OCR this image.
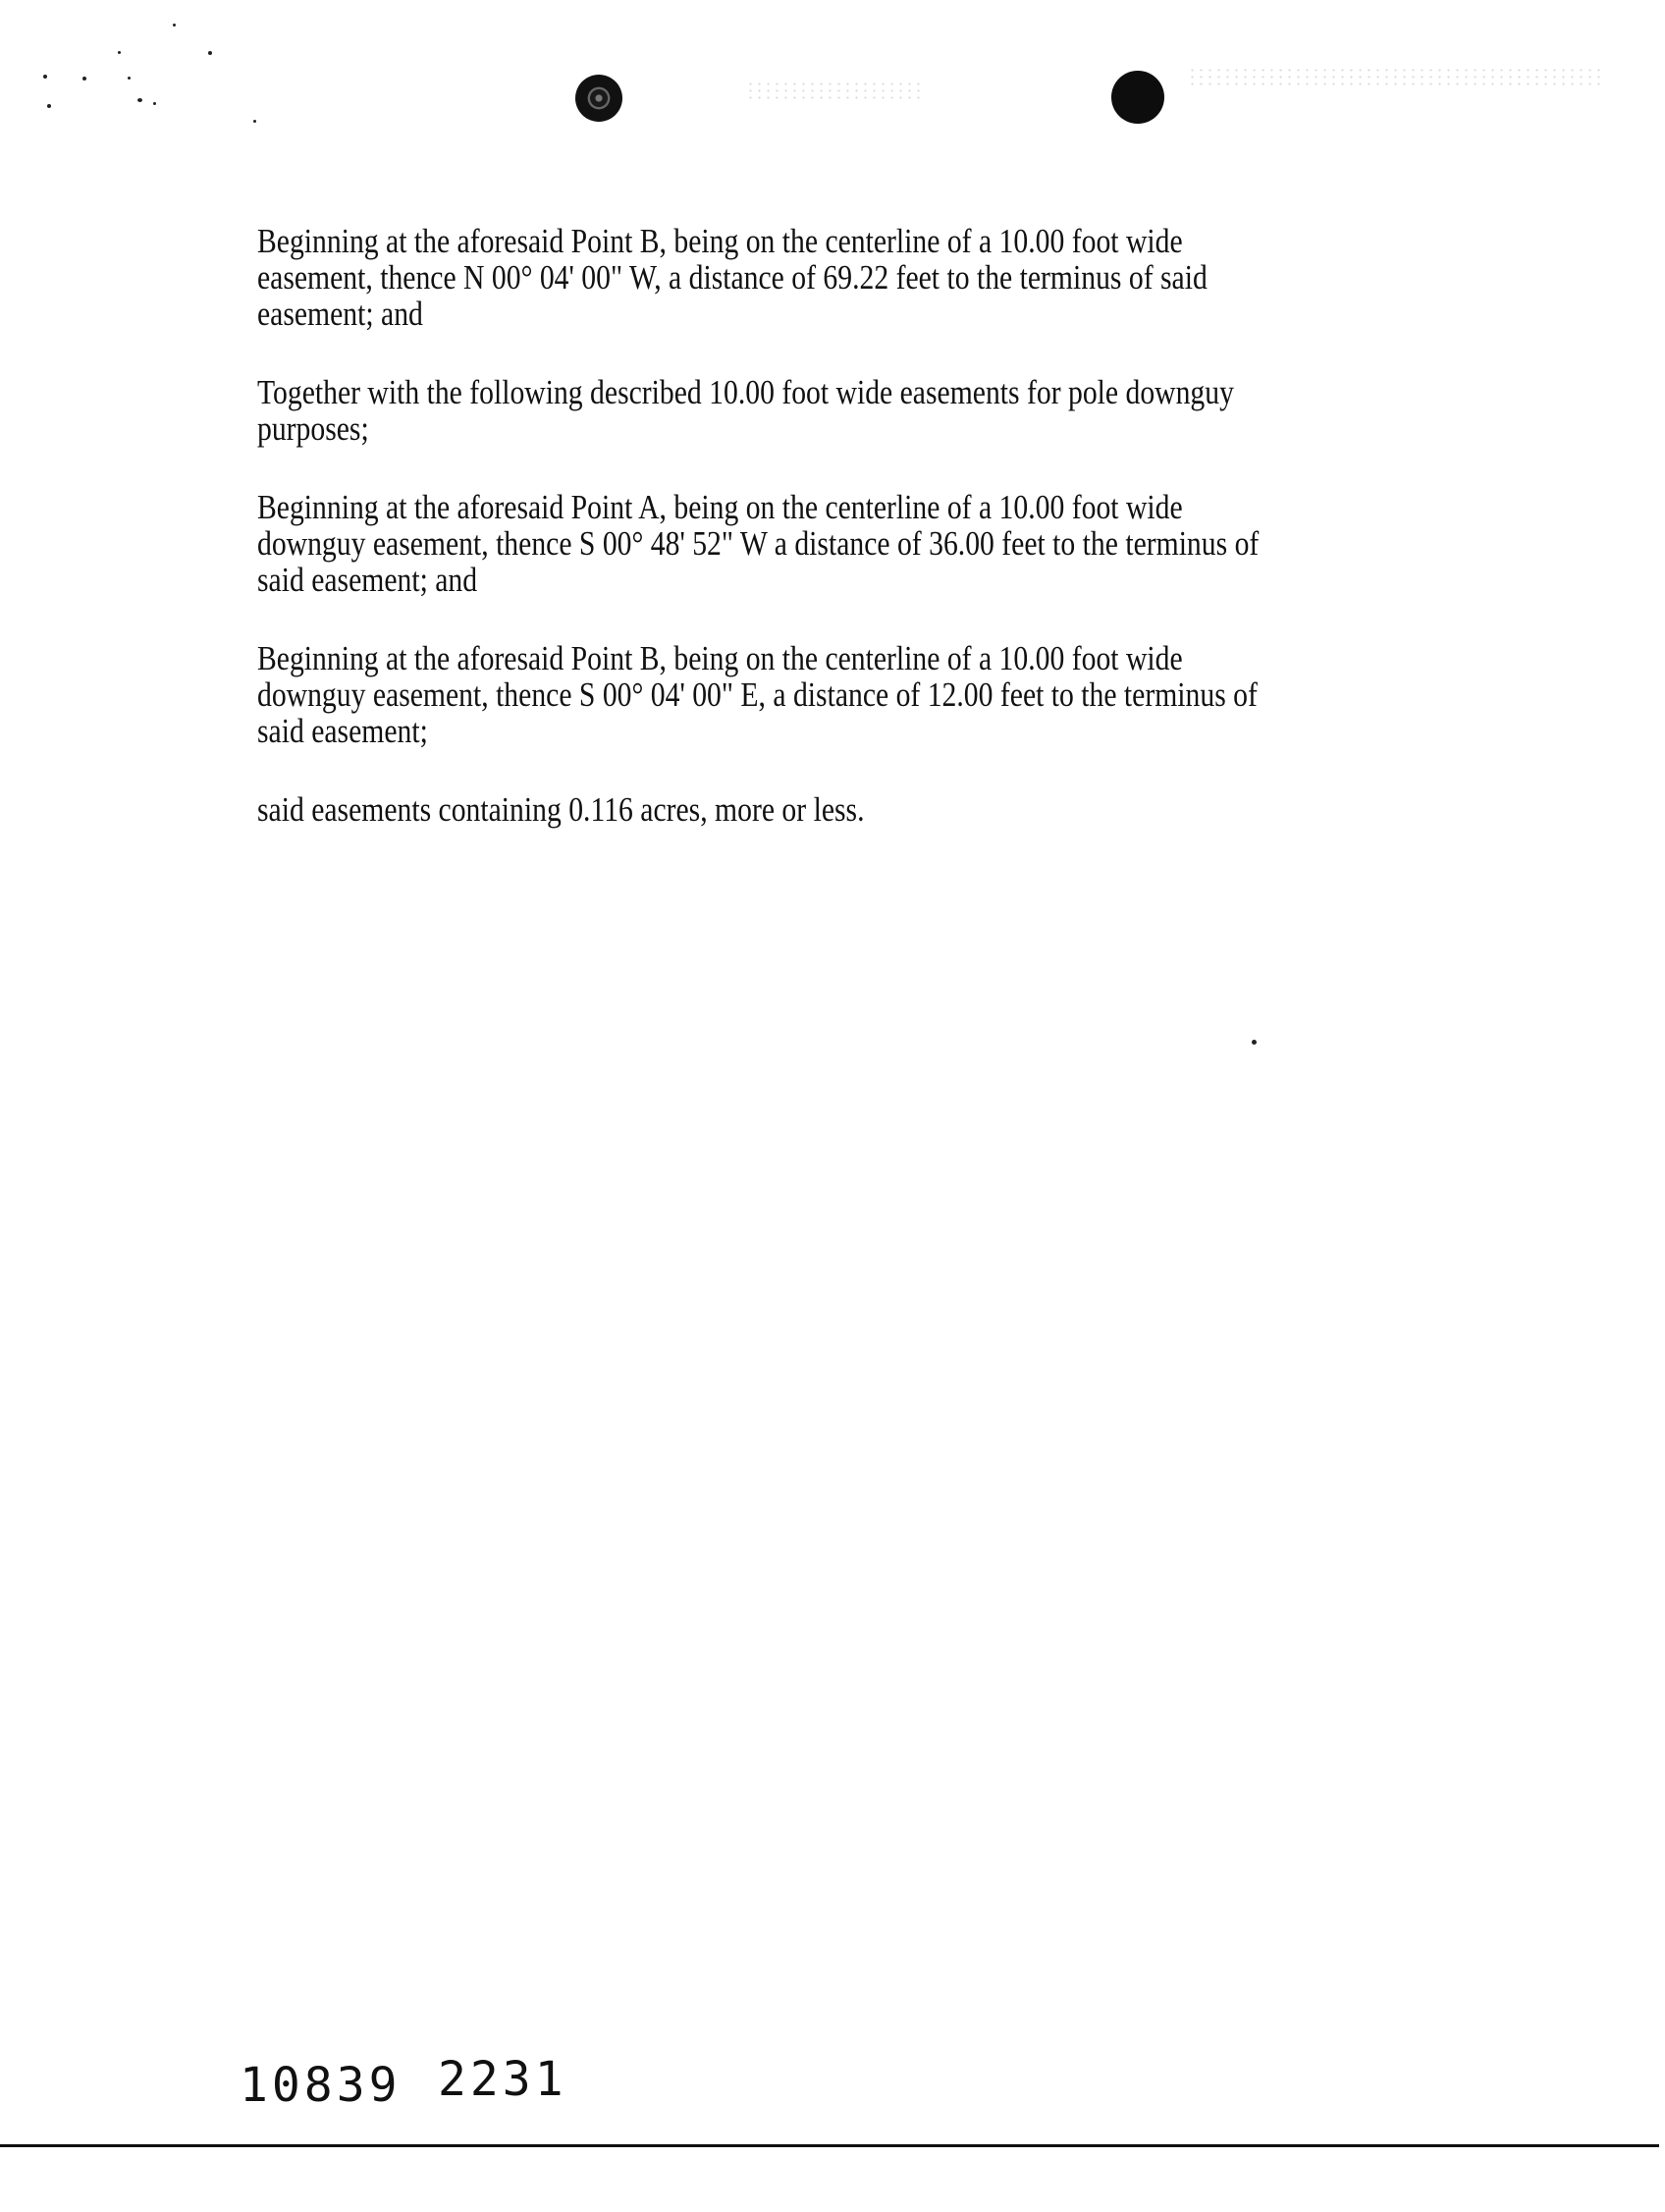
Beginning at the aforesaid Point B, being on the centerline of a 10.00 foot wide
easement, thence N 00° 04' 00" W, a distance of 69.22 feet to the terminus of said
easement; and

Together with the following described 10.00 foot wide easements for pole downguy
purposes;

Beginning at the aforesaid Point A, being on the centerline of a 10.00 foot wide
downguy easement, thence S 00° 48' 52" W a distance of 36.00 feet to the terminus of
said easement; and

Beginning at the aforesaid Point B, being on the centerline of a 10.00 foot wide
downguy easement, thence S 00° 04' 00" E, a distance of 12.00 feet to the terminus of
said easement;

said easements containing 0.116 acres, more or less.

10839 2231
